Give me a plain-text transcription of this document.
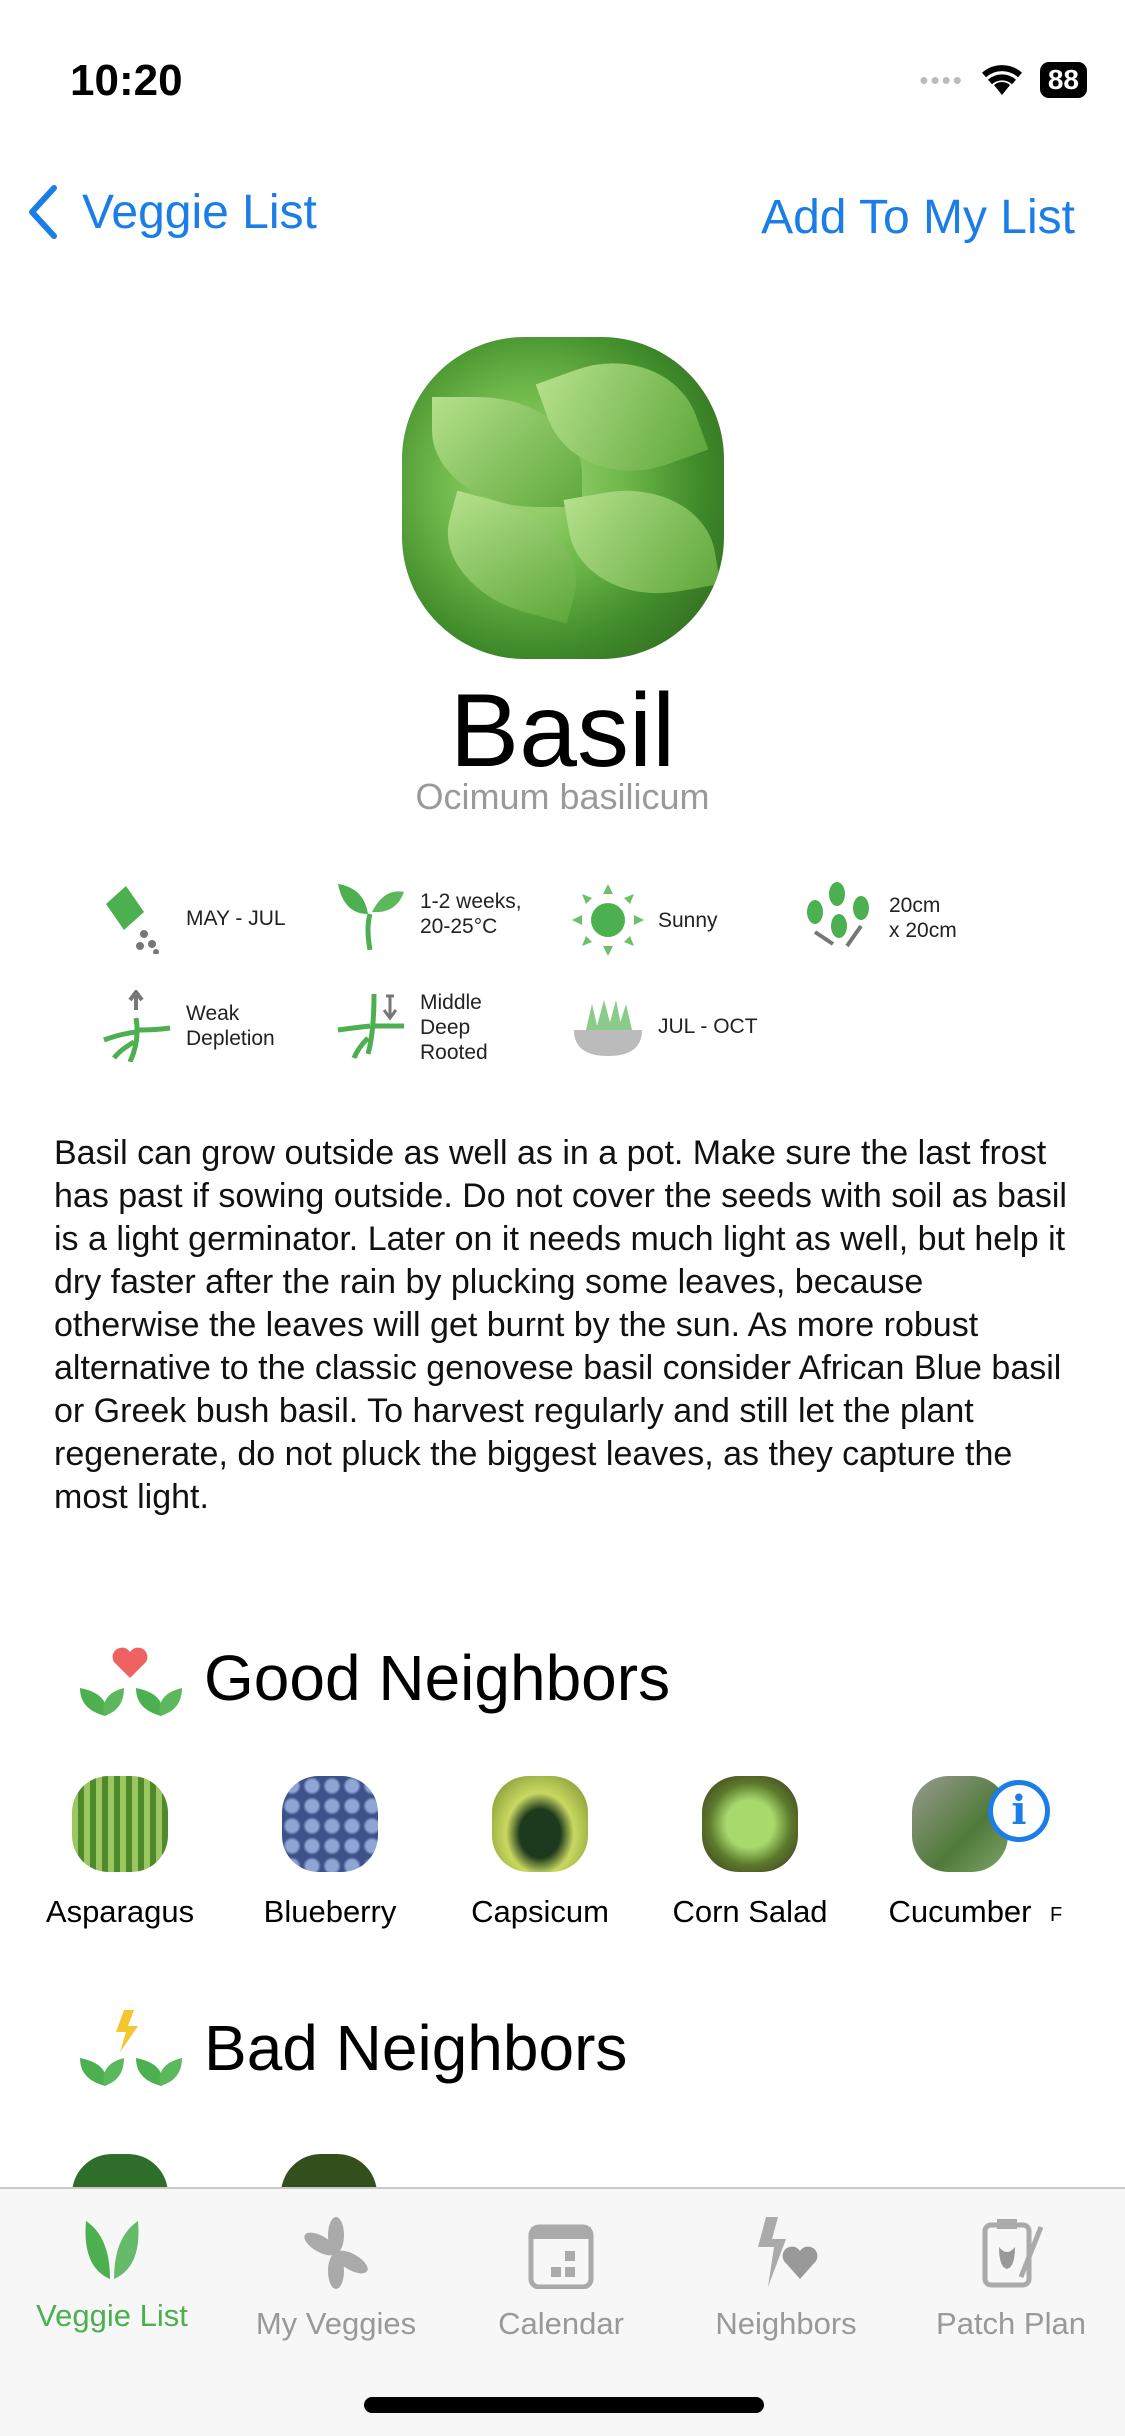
10:20	••••	88
Veggie List	Add To My List
Basil
Ocimum basilicum
MAY - JUL
1-2 weeks,
20-25°C	Sunny
20cm
x 20cm
Weak
Depletion
Middle
Deep
Rooted
JUL - OCT
Basil can grow outside as well as in a pot. Make sure the last frost has past if sowing outside. Do not cover the seeds with soil as basil is a light germinator. Later on it needs much light as well, but help it dry faster after the rain by plucking some leaves, because otherwise the leaves will get burnt by the sun. As more robust alternative to the classic genovese basil consider African Blue basil or Greek bush basil. To harvest regularly and still let the plant regenerate, do not pluck the biggest leaves, as they capture the most light.
Good Neighbors
Asparagus	Blueberry	Capsicum	Corn Salad
i
Cucumber F
Bad Neighbors
Veggie List	My Veggies	Calendar	Neighbors	Patch Plan
